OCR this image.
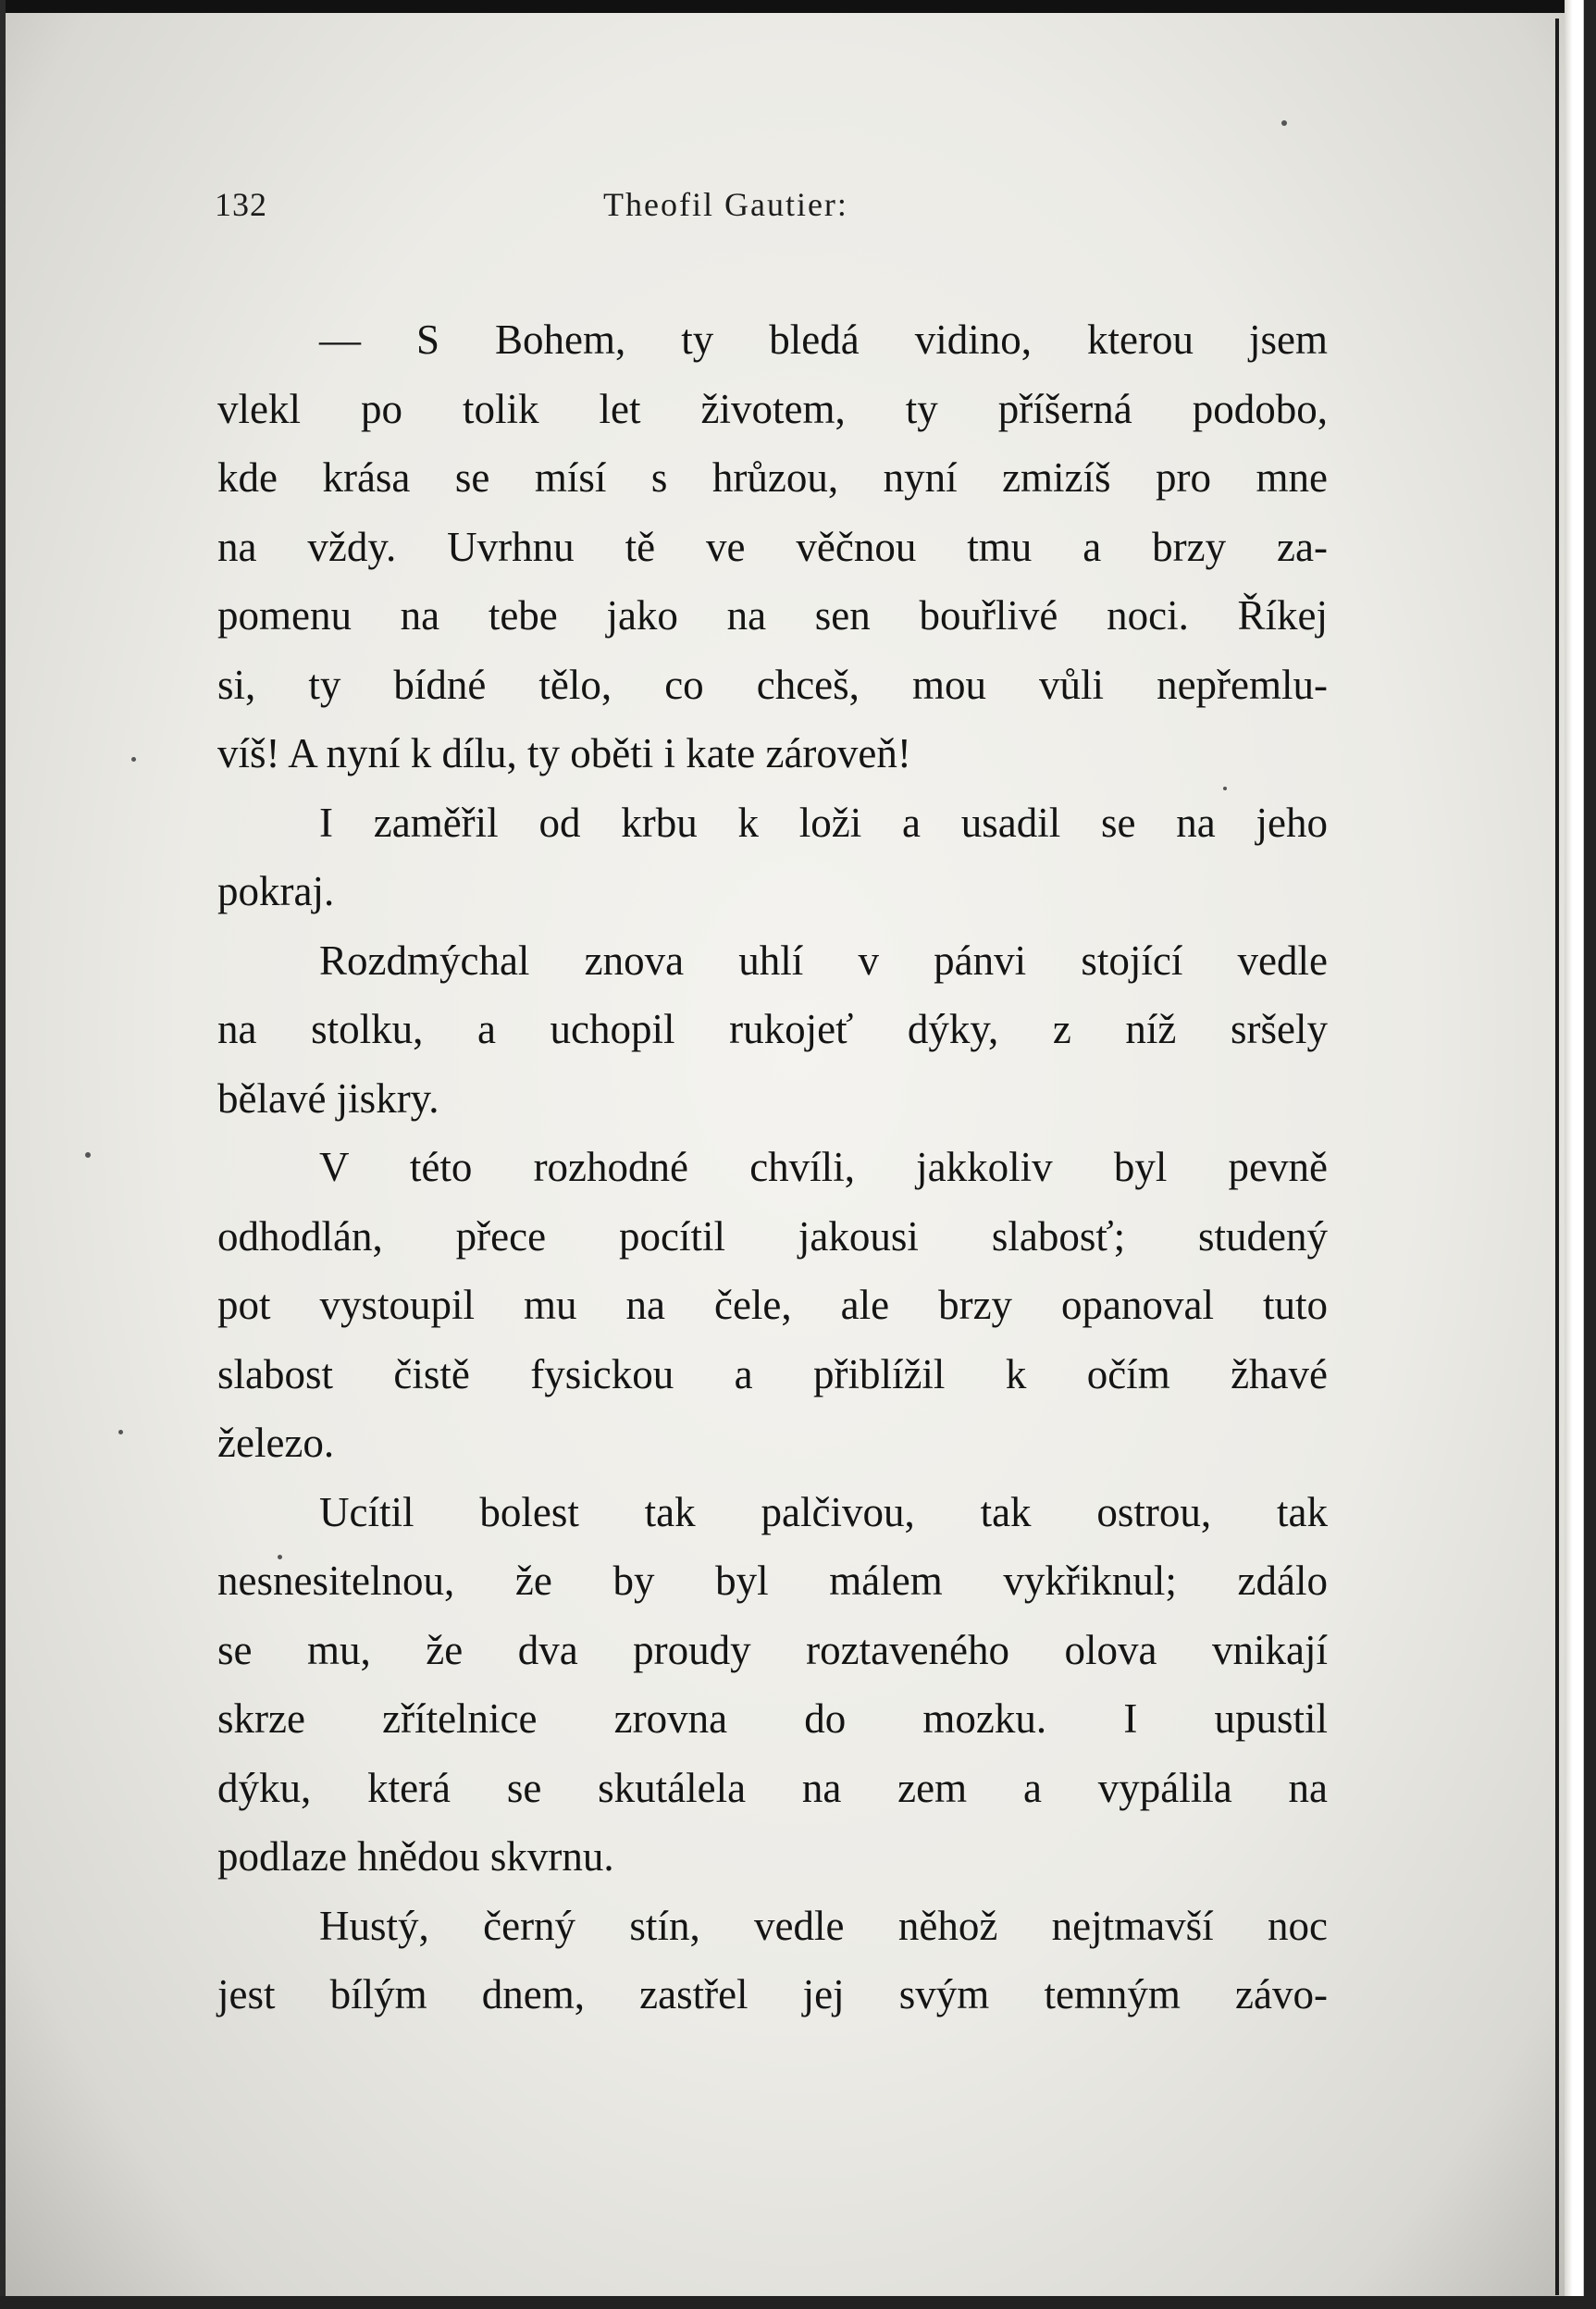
132	Theofil Gautier:
— S Bohem, ty bledá vidino, kterou jsem
vlekl po tolik let životem, ty příšerná podobo,
kde krása se mísí s hrůzou, nyní zmizíš pro mne
na vždy. Uvrhnu tě ve věčnou tmu a brzy za-
pomenu na tebe jako na sen bouřlivé noci. Říkej
si, ty bídné tělo, co chceš, mou vůli nepřemlu-
víš! A nyní k dílu, ty oběti i kate zároveň!
I zaměřil od krbu k loži a usadil se na jeho
pokraj.
Rozdmýchal znova uhlí v pánvi stojící vedle
na stolku, a uchopil rukojeť dýky, z níž sršely
bělavé jiskry.
V této rozhodné chvíli, jakkoliv byl pevně
odhodlán, přece pocítil jakousi slabosť; studený
pot vystoupil mu na čele, ale brzy opanoval tuto
slabost čistě fysickou a přiblížil k očím žhavé
železo.
Ucítil bolest tak palčivou, tak ostrou, tak
nesnesitelnou, že by byl málem vykřiknul; zdálo
se mu, že dva proudy roztaveného olova vnikají
skrze zřítelnice zrovna do mozku. I upustil
dýku, která se skutálela na zem a vypálila na
podlaze hnědou skvrnu.
Hustý, černý stín, vedle něhož nejtmavší noc
jest bílým dnem, zastřel jej svým temným závo-
